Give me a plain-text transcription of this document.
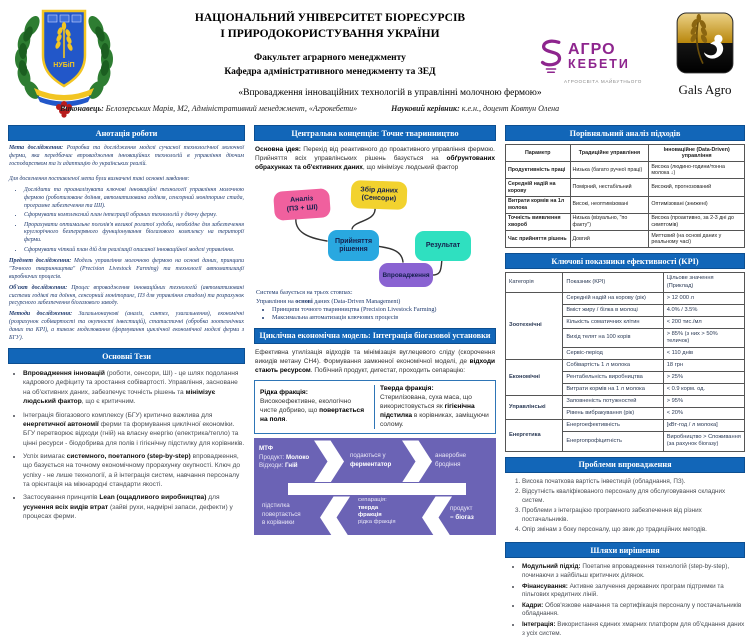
НУБіП
НАЦІОНАЛЬНИЙ УНІВЕРСИТЕТ БІОРЕСУРСІВ
І ПРИРОДОКОРИСТУВАННЯ УКРАЇНИ
Факультет аграрного менеджменту
Кафедра адміністративного менеджменту та ЗЕД
«Впровадження інноваційних технологій в управлінні молочною фермою»
АГРО
КЕБЕТИ
АГРООСВІТА МАЙБУТНЬОГО
Gals Agro
Виконавець: Бєлозерських Марія, М2, Адміністративний менеджмент, «Агрокебети»	Науковий керівник: к.е.н., доцент Ковтун Олена
Анотація роботи

Мета дослідження: Розробка та дослідження моделі сучасної технологічної молочної ферми, яка передбачає впровадження інноваційних технологій в управління діючим господарством та їх адаптацію до українських реалій.

Для досягнення поставленої мети були визначені такі основні завдання:

• Дослідити та проаналізувати ключові інноваційні технології управління молочною фермою (роботизоване доїння, автоматизована годівля, сенсорний моніторинг стада, програмне забезпечення та ШІ).
• Сформувати комплексний план інтеграції обраних технологій у діючу ферму.
• Прорахувати оптимальне поголів'я великої рогатої худоби, необхідне для забезпечення круглорічного безперервного функціонування біогазового комплексу на території ферми.
• Сформувати чіткий план дій для реалізації описаної інноваційної моделі управління.

Предмет дослідження: Модель управління молочною фермою на основі даних, принципи "Точного тваринництва" (Precision Livestock Farming) та технології автоматизації виробничих процесів.

Об'єкт дослідження: Процес впровадження інноваційних технологій (автоматизовані системи годівлі та доїння, сенсорний моніторинг, ПЗ для управління стадом) та розрахунок ресурсного забезпечення біогазового заводу.

Методи дослідження: Загальнонаукові (аналіз, синтез, узагальнення), економічні (розрахунок собівартості та окупності інвестицій), статистичні (обробка зоотехнічних даних та KPI), а також моделювання (формування циклічної економічної моделі ферми з БГУ).

Основні Тези
• Впровадження інновацій (роботи, сенсори, ШІ) - це шлях подолання кадрового дефіциту та зростання собівартості. Управління, засноване на об'єктивних даних, забезпечує точність рішень та мінімізує людський фактор, що є критичним.
• Інтеграція біогазового комплексу (БГУ) критично важлива для енергетичної автономії ферми та формування циклічної економіки. БГУ перетворює відходи (гній) на власну енергію (електрика/тепло) та цінні ресурси - біодобрива для полів і гігієнічну підстилку для корівників.
• Успіх вимагає системного, поетапного (step-by-step) впровадження, що базується на точному економічному прорахунку окупності. Ключ до успіху - не лише технології, а й інтеграція систем, навчання персоналу та орієнтація на міжнародні стандарти якості.
• Застосування принципів Lean (ощадливого виробництва) для усунення всіх видів втрат (зайві рухи, надмірні запаси, дефекти) у процесах ферми.
Центральна концепція: Точне тваринництво

Основна ідея: Перехід від реактивного до проактивного управління фермою. Прийняття всіх управлінських рішень базується на обґрунтованих обрахунках та об'єктивних даних, що мінімізує людський фактор

Аналіз
(ПЗ + ШІ)
Збір даних
(Сенсори)
Прийняття
рішення
Результат
Впровадження

Система базується на трьох стовпах:

Управління на основі даних (Data-Driven Management)

• Принципи точного тваринництва (Precision Livestock Farming)
• Максимальна автоматизація ключових процесів
Циклічна економічна модель: Інтеграція біогазової установки

Ефективна утилізація відходів та мінімізація вуглецевого сліду (скорочення викидів метану CH4). Формування замкненої економічної моделі, де відходи стають ресурсом. Побічний продукт, дигестат, проходить сепарацію:

Рідка фракція:
Високоефективне, екологічно чисте добриво, що повертається на поля.
Тверда фракція:
Стерилізована, суха маса, що використовується як гігієнічна підстилка в корівниках, заміщуючи солому.
МТФ
Продукт: Молоко
Відходи: Гній
подаються у
ферментатор
анаеробне
бродіння
продукт
= біогаз
сепарація:
тверда
фракція
рідка фракція
підстилка
повертається
в корівники
Порівняльний аналіз підходів
Параметр	Традиційне управління	Інноваційне (Data-Driven) управління
Продуктивність праці	Низька (багато ручної праці)	Висока (людино-години/тонна молока ↓)
Середній надій на корову	Помірний, нестабільний	Високий, прогнозований
Витрати кормів на 1л молока	Високі, неоптимізовані	Оптимізовані (знижені)
Точність виявлення хвороб	Низька (візуально, "по факту")	Висока (проактивно, за 2-3 дні до симптомів)
Час прийняття рішень	Довгий	Миттєвий (на основі даних у реальному часі)
Ключові показники ефективності (KPI)
Категорія	Показник (KPI)	Цільове значення (Приклад)
Зоотехнічні	Середній надій на корову (рік)	> 12 000 л
	Вміст жиру / білка в молоці	4.0% / 3.5%
	Кількість соматичних клітин	< 200 тис./мл
	Вихід телят на 100 корів	> 85% (з них > 50% теличок)
	Сервіс-період	< 110 днів
Економічні	Собівартість 1 л молока	18 грн
	Рентабельність виробництва	> 25%
	Витрати кормів на 1 л молока	< 0.9 корм. од.
Управлінські	Заповненість потужностей	> 95%
	Рівень вибракування (рік)	< 20%
Енергетика	Енергоефективність	[кВт-год / л молока]
	Енергопрофіцитність	Виробництво > Споживання (за рахунок біогазу)
Проблеми впровадження
1. Висока початкова вартість інвестицій (обладнання, ПЗ).
2. Відсутність кваліфікованого персоналу для обслуговування складних систем.
3. Проблеми з інтеграцією програмного забезпечення від різних постачальників.
4. Опір змінам з боку персоналу, що звик до традиційних методів.
Шляхи вирішення
• Модульний підхід: Поетапне впровадження технологій (step-by-step), починаючи з найбільш критичних ділянок.
• Фінансування: Активне залучення державних програм підтримки та пільгових кредитних ліній.
• Кадри: Обов'язкове навчання та сертифікація персоналу у постачальників обладнання.
• Інтеграція: Використання єдиних хмарних платформ для об'єднання даних з усіх систем.
